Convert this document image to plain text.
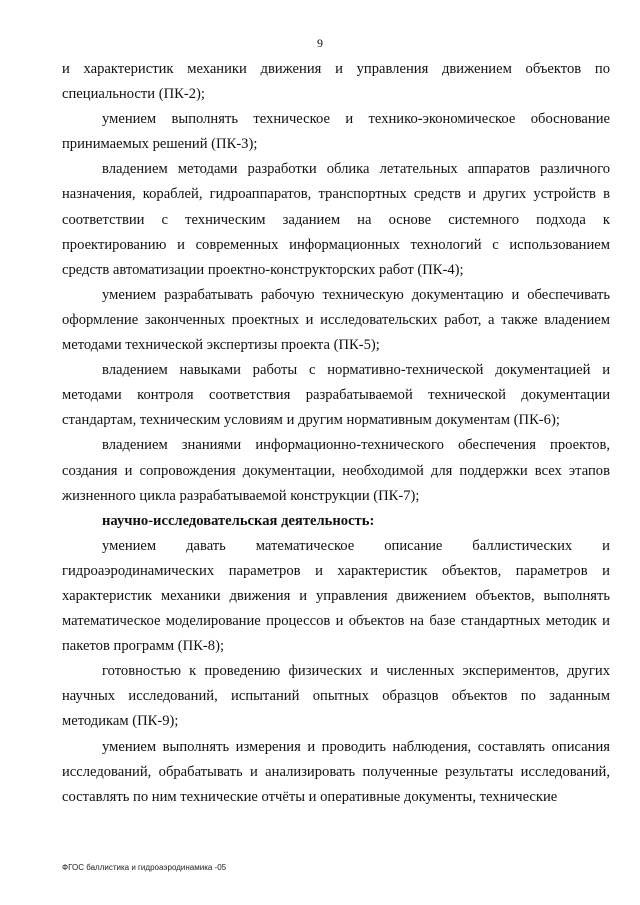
9

и характеристик механики движения и управления движением объектов по специальности (ПК-2);

умением выполнять техническое и технико-экономическое обоснование принимаемых решений (ПК-3);

владением методами разработки облика летательных аппаратов различного назначения, кораблей, гидроаппаратов, транспортных средств и других устройств в соответствии с техническим заданием на основе системного подхода к проектированию и современных информационных технологий с использованием средств автоматизации проектно-конструкторских работ (ПК-4);

умением разрабатывать рабочую техническую документацию и обеспечивать оформление законченных проектных и исследовательских работ, а также владением методами технической экспертизы проекта (ПК-5);

владением навыками работы с нормативно-технической документацией и методами контроля соответствия разрабатываемой технической документации стандартам, техническим условиям и другим нормативным документам (ПК-6);

владением знаниями информационно-технического обеспечения проектов, создания и сопровождения документации, необходимой для поддержки всех этапов жизненного цикла разрабатываемой конструкции (ПК-7);

научно-исследовательская деятельность:

умением давать математическое описание баллистических и гидроаэродинамических параметров и характеристик объектов, параметров и характеристик механики движения и управления движением объектов, выполнять математическое моделирование процессов и объектов на базе стандартных методик и пакетов программ (ПК-8);

готовностью к проведению физических и численных экспериментов, других научных исследований, испытаний опытных образцов объектов по заданным методикам (ПК-9);

умением выполнять измерения и проводить наблюдения, составлять описания исследований, обрабатывать и анализировать полученные результаты исследований, составлять по ним технические отчёты и оперативные документы, технические

ФГОС баллистика и гидроаэродинамика -05
